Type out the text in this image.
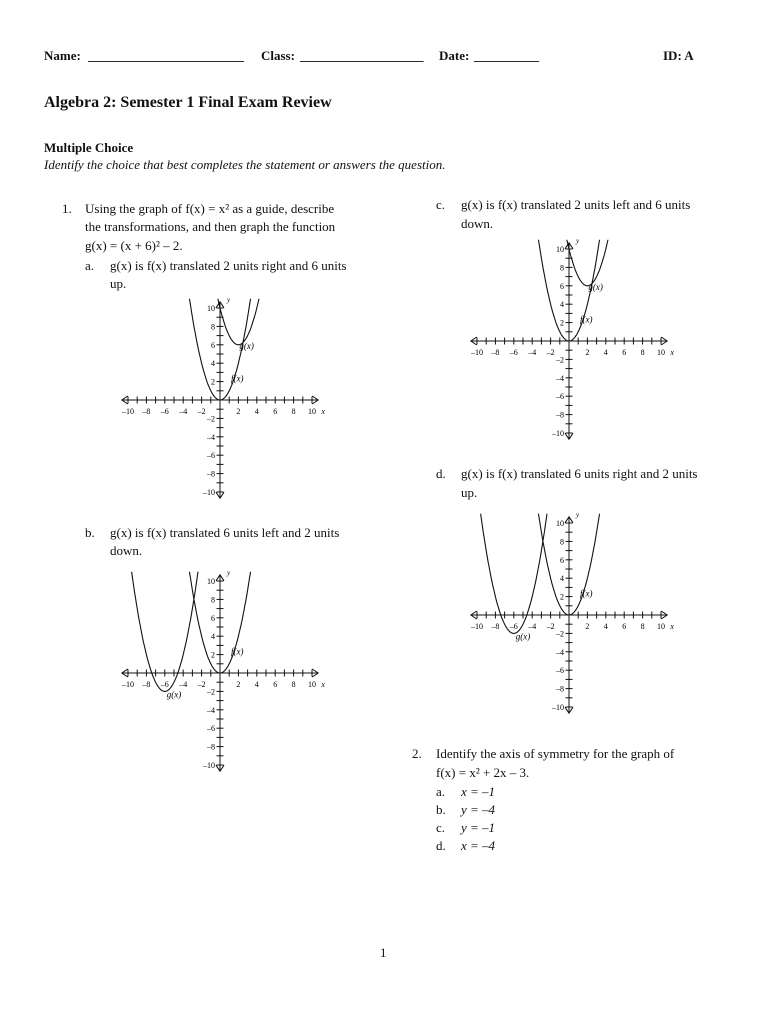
Name: ________________________ Class: ___________________ Date: __________	ID: A
Algebra 2: Semester 1 Final Exam Review
Multiple Choice
Identify the choice that best completes the statement or answers the question.
1. Using the graph of f(x) = x² as a guide, describe
the transformations, and then graph the function
g(x) = (x + 6)² – 2.
a. g(x) is f(x) translated 2 units right and 6 units
up.
–10 –8 –6 –4 –2	2 4 6 8 10 x
10
8
6
4
2
–2
–4
–6
–8
–10
y
f(x)
g(x)
b. g(x) is f(x) translated 6 units left and 2 units
down.
–10 –8 –6 –4 –2	2 4 6 8 10 x
10
8
6
4
2
–2
–4
–6
–8
–10
y
f(x)
g(x)
c. g(x) is f(x) translated 2 units left and 6 units
down.
–10 –8 –6 –4 –2	2 4 6 8 10 x
10
8
6
4
2
–2
–4
–6
–8
–10
y
f(x)
g(x)
d. g(x) is f(x) translated 6 units right and 2 units
up.
–10 –8 –6 –4 –2	2 4 6 8 10 x
10
8
6
4
2
–2
–4
–6
–8
–10
y
f(x)
g(x)
2. Identify the axis of symmetry for the graph of
f(x) = x² + 2x – 3.
a. x = –1
b. y = –4
c. y = –1
d. x = –4
1
